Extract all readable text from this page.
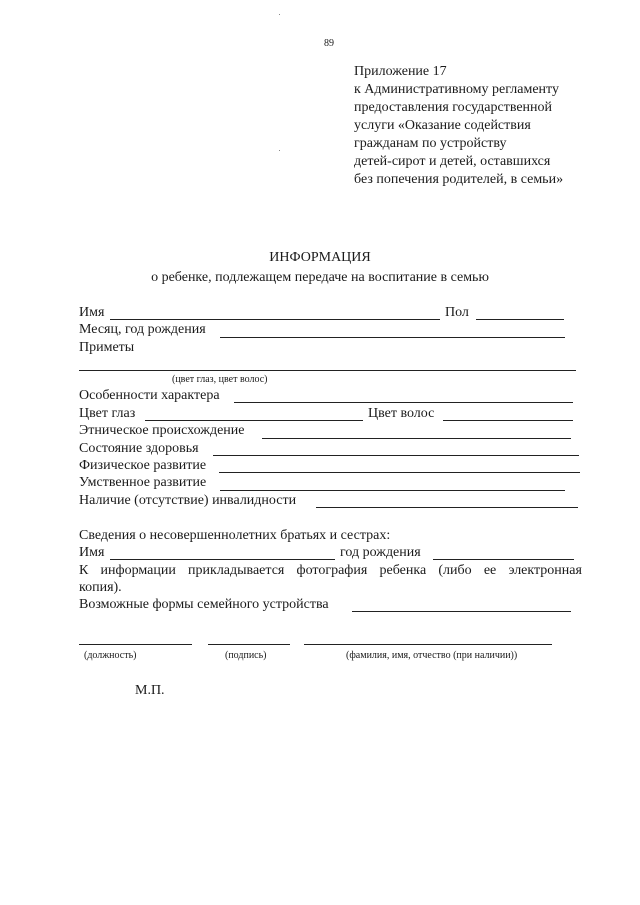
89
Приложение 17
к Административному регламенту
предоставления государственной
услуги «Оказание содействия
гражданам по устройству
детей-сирот и детей, оставшихся
без попечения родителей, в семьи»
ИНФОРМАЦИЯ
о ребенке, подлежащем передаче на воспитание в семью
Имя	Пол
Месяц, год рождения
Приметы
(цвет глаз, цвет волос)
Особенности характера
Цвет глаз	Цвет волос
Этническое происхождение
Состояние здоровья
Физическое развитие
Умственное развитие
Наличие (отсутствие) инвалидности
Сведения о несовершеннолетних братьях и сестрах:
Имя	год рождения
К информации прикладывается фотография ребенка (либо ее электронная
копия).
Возможные формы семейного устройства
(должность)	(подпись)	(фамилия, имя, отчество (при наличии))
М.П.
